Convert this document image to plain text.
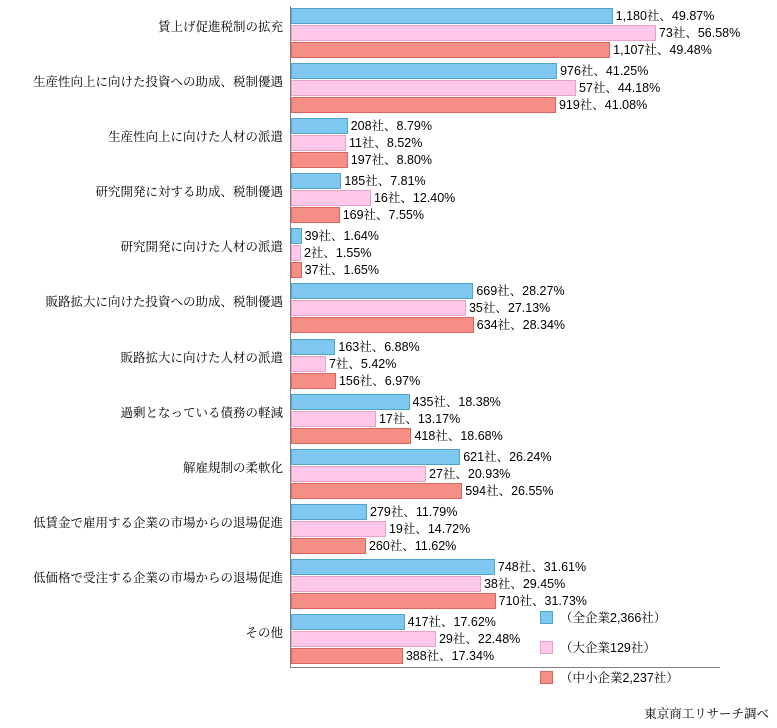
賃上げ促進税制の拡充
1,180社、49.87%
73社、56.58%
1,107社、49.48%
生産性向上に向けた投資への助成、税制優遇
976社、41.25%
57社、44.18%
919社、41.08%
生産性向上に向けた人材の派遣
208社、8.79%
11社、8.52%
197社、8.80%
研究開発に対する助成、税制優遇
185社、7.81%
16社、12.40%
169社、7.55%
研究開発に向けた人材の派遣
39社、1.64%
2社、1.55%
37社、1.65%
販路拡大に向けた投資への助成、税制優遇
669社、28.27%
35社、27.13%
634社、28.34%
販路拡大に向けた人材の派遣
163社、6.88%
7社、5.42%
156社、6.97%
過剰となっている債務の軽減
435社、18.38%
17社、13.17%
418社、18.68%
解雇規制の柔軟化
621社、26.24%
27社、20.93%
594社、26.55%
低賃金で雇用する企業の市場からの退場促進
279社、11.79%
19社、14.72%
260社、11.62%
低価格で受注する企業の市場からの退場促進
748社、31.61%
38社、29.45%
710社、31.73%
その他
417社、17.62%
29社、22.48%
388社、17.34%
（全企業2,366社）
（大企業129社）
（中小企業2,237社）
東京商工リサーチ調べ
